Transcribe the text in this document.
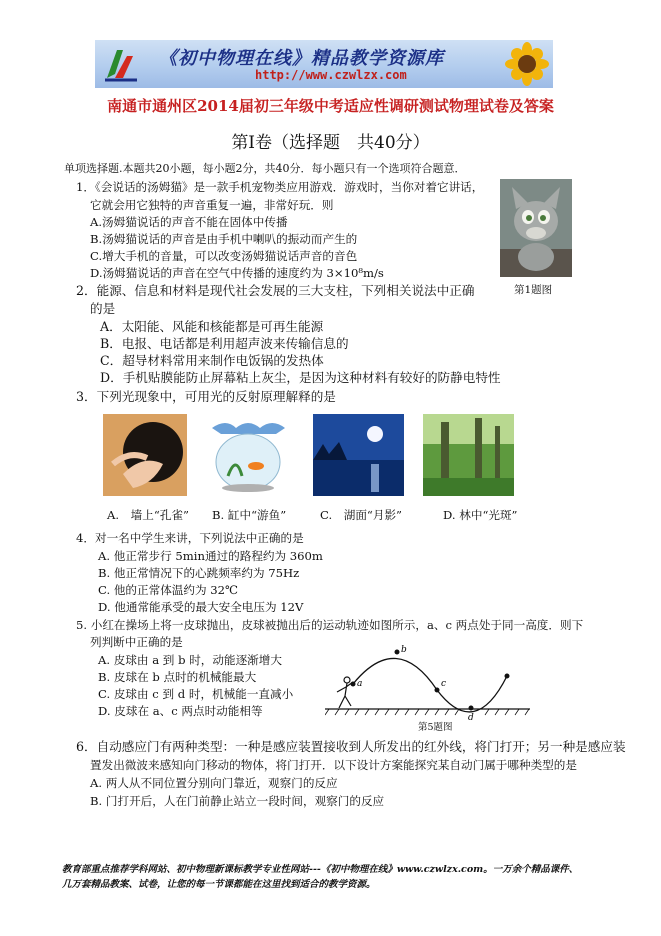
《初中物理在线》精品教学资源库
http://www.czwlzx.com
南通市通州区2014届初三年级中考适应性调研测试物理试卷及答案
第Ⅰ卷（选择题　共40分）
单项选择题.本题共20小题，每小题2分，共40分．每小题只有一个选项符合题意．
1．《会说话的汤姆猫》是一款手机宠物类应用游戏．游戏时，当你对着它讲话，
它就会用它独特的声音重复一遍，非常好玩．则
A.汤姆猫说话的声音不能在固体中传播
B.汤姆猫说话的声音是由手机中喇叭的振动而产生的
C.增大手机的音量，可以改变汤姆猫说话声音的音色
D.汤姆猫说话的声音在空气中传播的速度约为 3×10⁸m/s
第1题图
2．能源、信息和材料是现代社会发展的三大支柱，下列相关说法中正确
的是
A．太阳能、风能和核能都是可再生能源
B．电报、电话都是利用超声波来传输信息的
C．超导材料常用来制作电饭锅的发热体
D．手机贴膜能防止屏幕粘上灰尘，是因为这种材料有较好的防静电特性
3．下列光现象中，可用光的反射原理解释的是
A.　墙上“孔雀” B. 缸中“游鱼”	C.　湖面“月影”	D. 林中“光斑”
4．对一名中学生来讲，下列说法中正确的是
A. 他正常步行 5min通过的路程约为 360m
B. 他正常情况下的心跳频率约为 75Hz
C. 他的正常体温约为 32℃
D. 他通常能承受的最大安全电压为 12V
5. 小红在操场上将一皮球抛出，皮球被抛出后的运动轨迹如图所示，a、c 两点处于同一高度．则下
列判断中正确的是
A. 皮球由 a 到 b 时，动能逐渐增大
B. 皮球在 b 点时的机械能最大
C. 皮球由 c 到 d 时，机械能一直减小
D. 皮球在 a、c 两点时动能相等
a
b
c
d
第5题图
6．自动感应门有两种类型：一种是感应装置接收到人所发出的红外线，将门打开；另一种是感应装
置发出微波来感知向门移动的物体，将门打开．以下设计方案能探究某自动门属于哪种类型的是
A. 两人从不同位置分别向门靠近，观察门的反应
B. 门打开后，人在门前静止站立一段时间，观察门的反应
教育部重点推荐学科网站、初中物理新课标教学专业性网站---《初中物理在线》www.czwlzx.com。一万余个精品课件、
几万套精品教案、试卷，让您的每一节课都能在这里找到适合的教学资源。
